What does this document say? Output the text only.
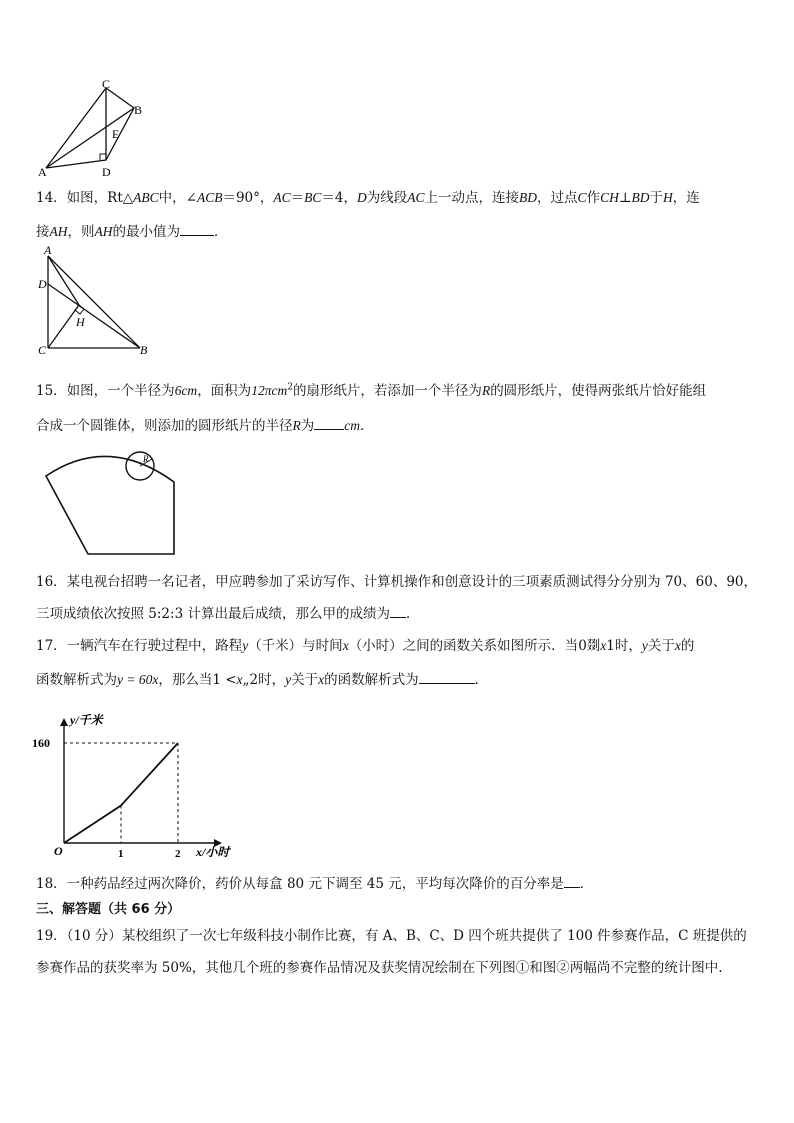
C
B
E
A	D
14．如图，Rt△ABC中，∠ACB＝90°，AC＝BC＝4，D为线段AC上一动点，连接BD，过点C作CH⊥BD于H，连
接AH，则AH的最小值为	．
A
D
H
C	B
15．如图，一个半径为6cm，面积为12πcm$^2$的扇形纸片，若添加一个半径为R的圆形纸片，使得两张纸片恰好能组
合成一个圆锥体，则添加的圆形纸片的半径R为 cm．
R
16．某电视台招聘一名记者，甲应聘参加了采访写作、计算机操作和创意设计的三项素质测试得分分别为 70、60、90，
三项成绩依次按照 5:2:3 计算出最后成绩，那么甲的成绩为 ．
17．一辆汽车在行驶过程中，路程y（千米）与时间x（小时）之间的函数关系如图所示．当0剟x1时，y关于x的
函数解析式为y = 60x，那么当1 <x„2时，y关于x的函数解析式为	．
y/千米
x/小时
O	1	2
160
18．一种药品经过两次降价，药价从每盒 80 元下调至 45 元，平均每次降价的百分率是 ．
三、解答题（共 66 分）
19．（10 分）某校组织了一次七年级科技小制作比赛，有 A、B、C、D 四个班共提供了 100 件参赛作品，C 班提供的
参赛作品的获奖率为 50%，其他几个班的参赛作品情况及获奖情况绘制在下列图①和图②两幅尚不完整的统计图中.
